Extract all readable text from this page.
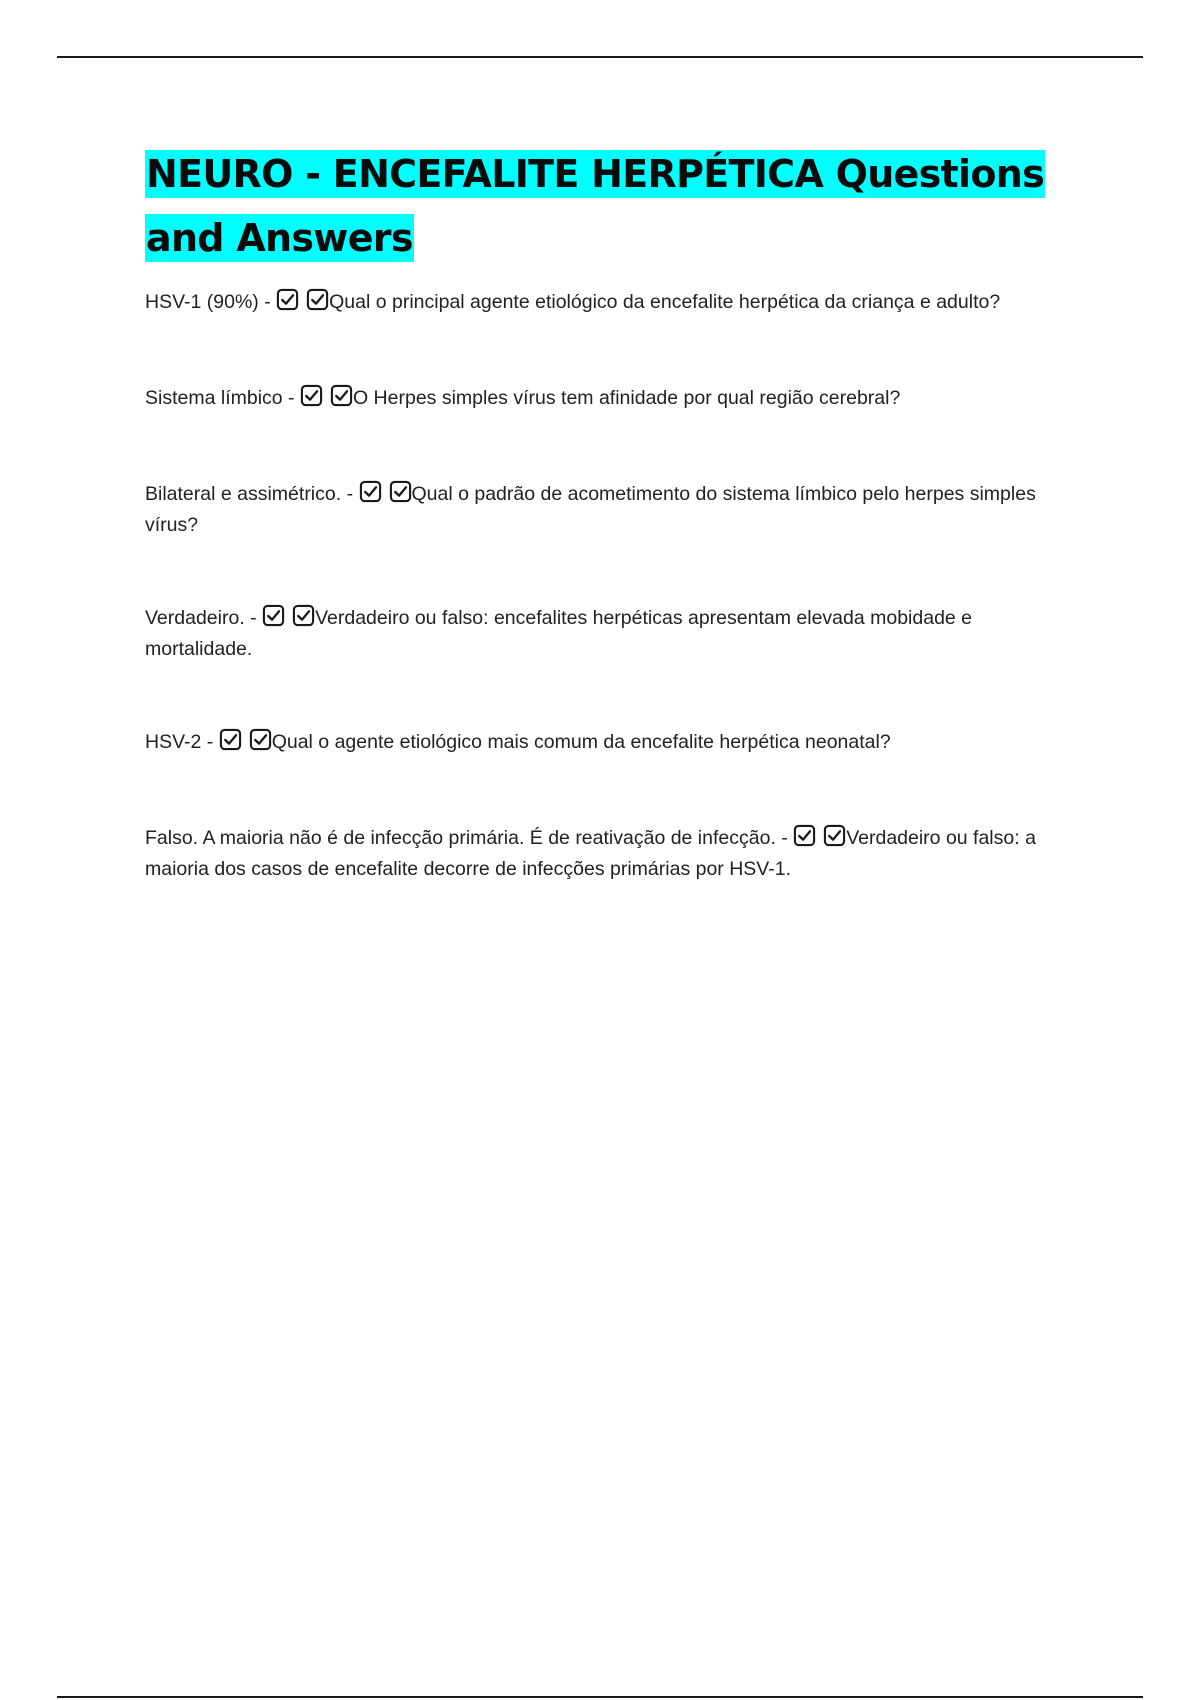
NEURO - ENCEFALITE HERPÉTICA Questions and Answers

HSV-1 (90%) -	Qual o principal agente etiológico da encefalite herpética da criança e adulto?

Sistema límbico -	O Herpes simples vírus tem afinidade por qual região cerebral?

Bilateral e assimétrico. -	Qual o padrão de acometimento do sistema límbico pelo herpes simples vírus?

Verdadeiro. -	Verdadeiro ou falso: encefalites herpéticas apresentam elevada mobidade e mortalidade.

HSV-2 -	Qual o agente etiológico mais comum da encefalite herpética neonatal?

Falso. A maioria não é de infecção primária. É de reativação de infecção. -	Verdadeiro ou falso: a maioria dos casos de encefalite decorre de infecções primárias por HSV-1.
